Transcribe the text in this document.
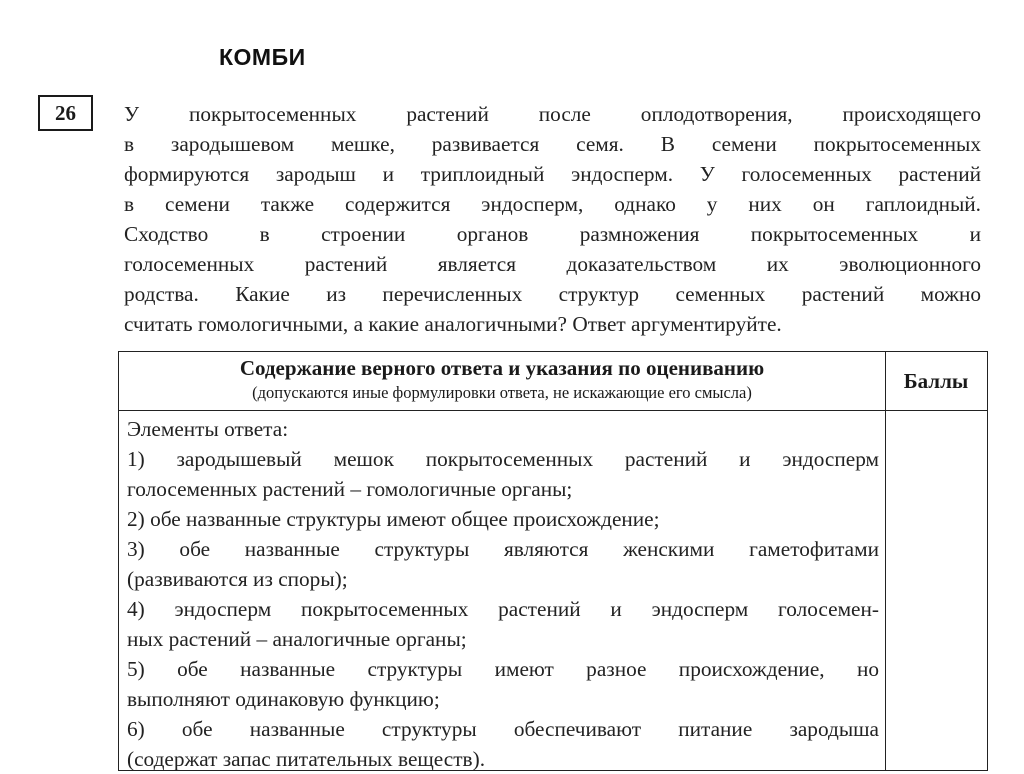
КОМБИ
26	У покрытосеменных растений после оплодотворения, происходящего
в зародышевом мешке, развивается семя. В семени покрытосеменных
формируются зародыш и триплоидный эндосперм. У голосеменных растений
в семени также содержится эндосперм, однако у них он гаплоидный.
Сходство в строении органов размножения покрытосеменных и
голосеменных растений является доказательством их эволюционного
родства. Какие из перечисленных структур семенных растений можно
считать гомологичными, а какие аналогичными? Ответ аргументируйте.
Содержание верного ответа и указания по оцениванию
(допускаются иные формулировки ответа, не искажающие его смысла)	Баллы
Элементы ответа:
1) зародышевый мешок покрытосеменных растений и эндосперм
голосеменных растений – гомологичные органы;
2) обе названные структуры имеют общее происхождение;
3) обе названные структуры являются женскими гаметофитами
(развиваются из споры);
4) эндосперм покрытосеменных растений и эндосперм голосемен-
ных растений – аналогичные органы;
5) обе названные структуры имеют разное происхождение, но
выполняют одинаковую функцию;
6) обе названные структуры обеспечивают питание зародыша
(содержат запас питательных веществ).
